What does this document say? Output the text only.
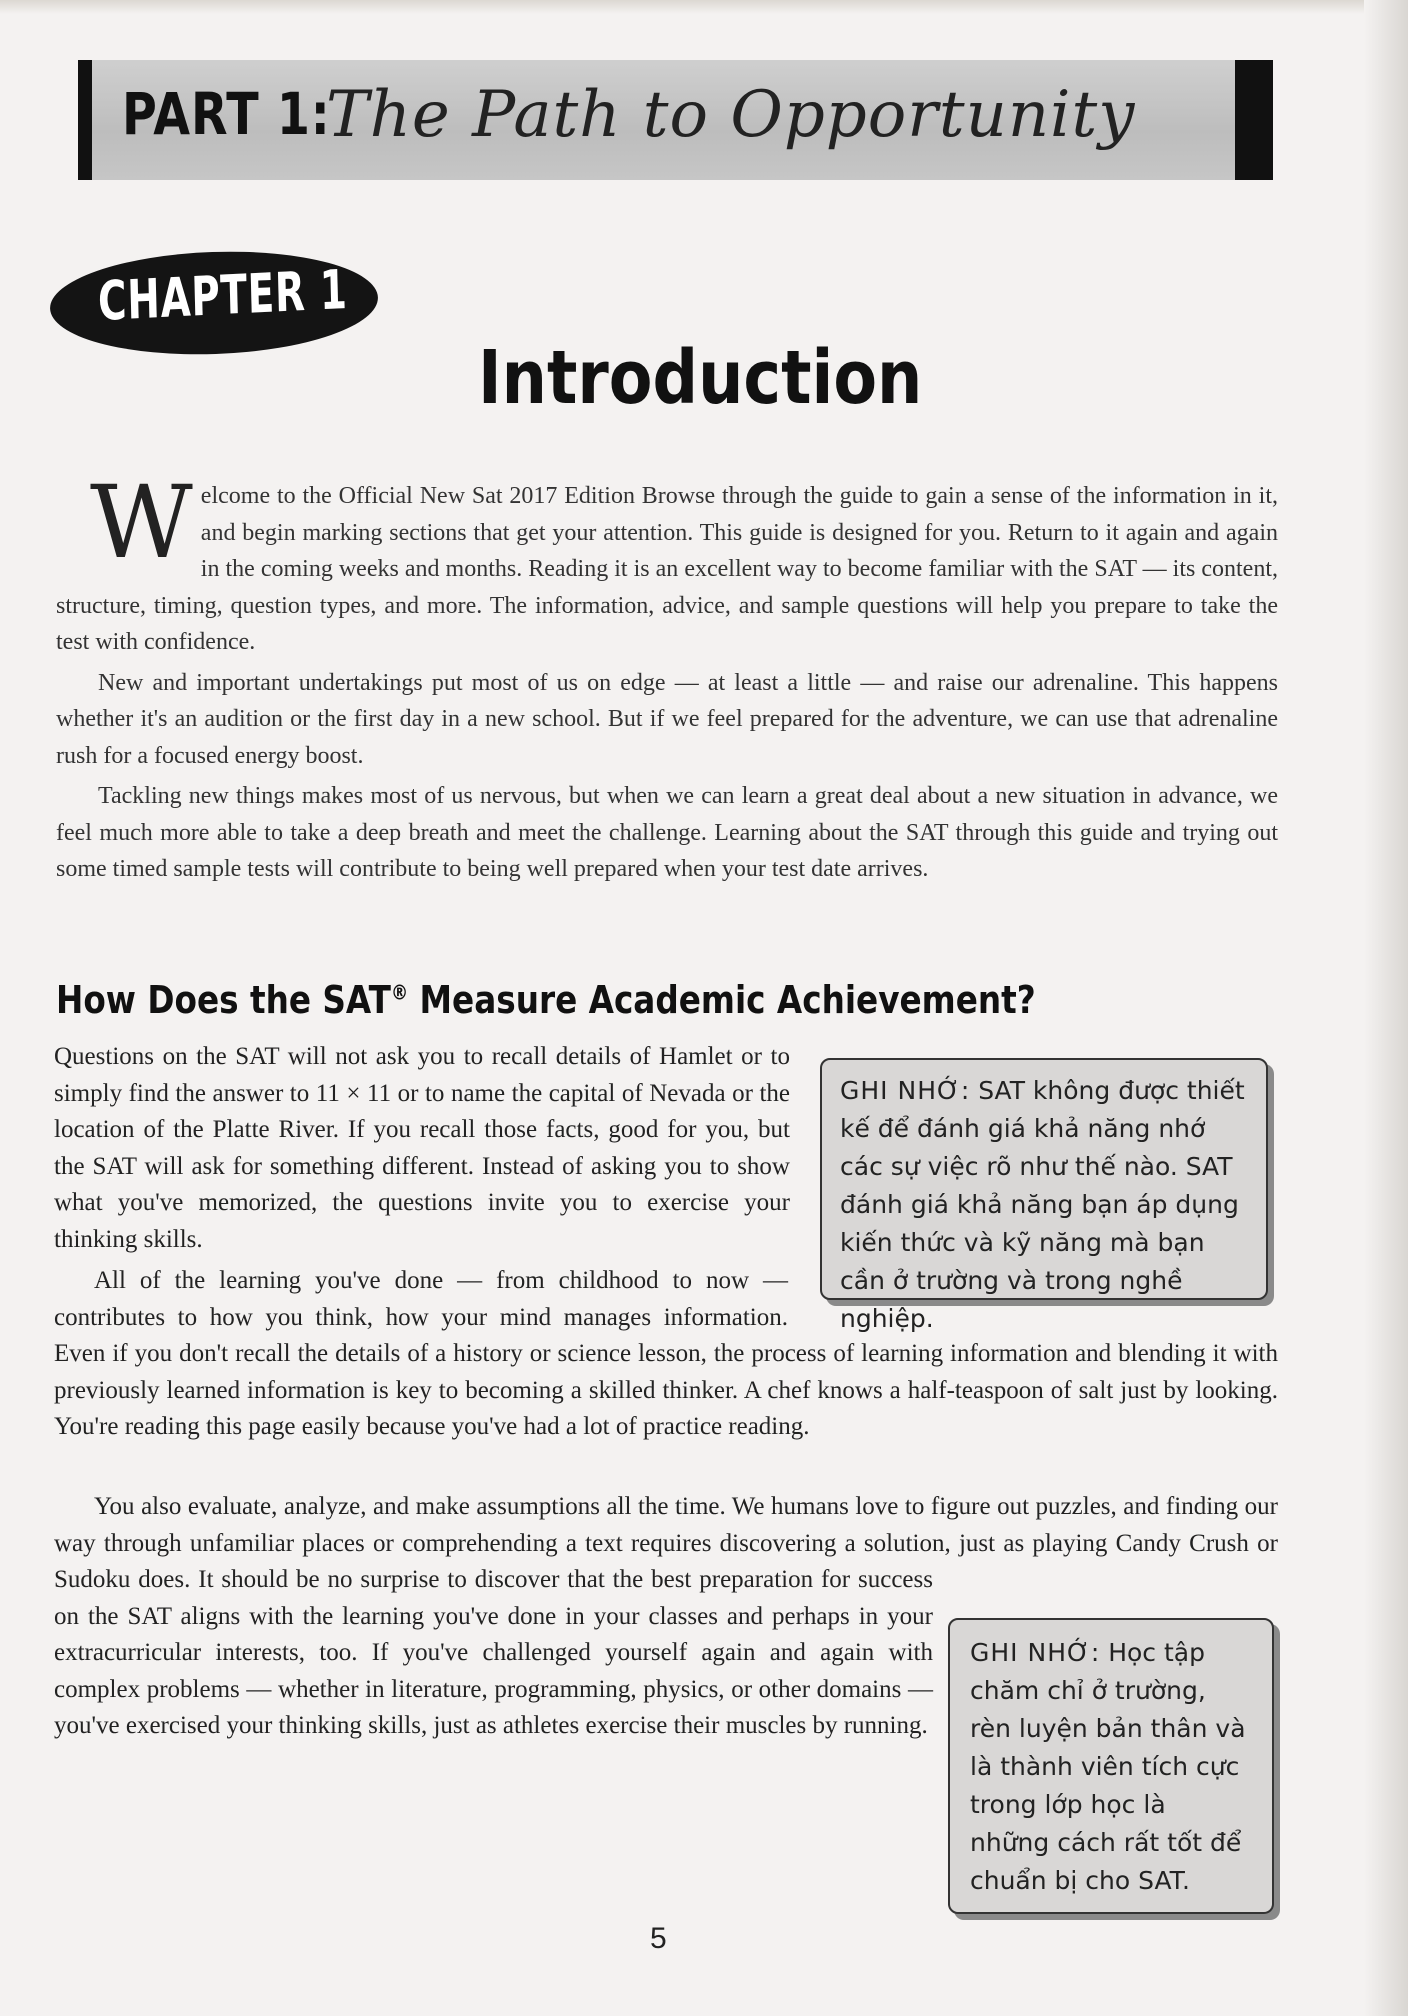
PART 1:
The Path to Opportunity
CHAPTER 1
Introduction

Welcome to the Official New Sat 2017 Edition Browse through the guide to gain a sense of the information in it, and begin marking sections that get your attention. This guide is designed for you. Return to it again and again in the coming weeks and months. Reading it is an excellent way to become familiar with the SAT — its content, structure, timing, question types, and more. The information, advice, and sample questions will help you prepare to take the test with confidence.

New and important undertakings put most of us on edge — at least a little — and raise our adrenaline. This happens whether it's an audition or the first day in a new school. But if we feel prepared for the adventure, we can use that adrenaline rush for a focused energy boost.

Tackling new things makes most of us nervous, but when we can learn a great deal about a new situation in advance, we feel much more able to take a deep breath and meet the challenge. Learning about the SAT through this guide and trying out some timed sample tests will contribute to being well prepared when your test date arrives.

How Does the SAT® Measure Academic Achievement?

Questions on the SAT will not ask you to recall details of Hamlet or to simply find the answer to 11 × 11 or to name the capital of Nevada or the location of the Platte River. If you recall those facts, good for you, but the SAT will ask for something different. Instead of asking you to show what you've memorized, the questions invite you to exercise your thinking skills.

GHI NHỚ: SAT không được thiết kế để đánh giá khả năng nhớ các sự việc rõ như thế nào. SAT đánh giá khả năng bạn áp dụng kiến thức và kỹ năng mà bạn cần ở trường và trong nghề nghiệp.

All of the learning you've done — from childhood to now — contributes to how you think, how your mind manages information. Even if you don't recall the details of a history or science lesson, the process of learning information and blending it with previously learned information is key to becoming a skilled thinker. A chef knows a half-teaspoon of salt just by looking. You're reading this page easily because you've had a lot of practice reading.

You also evaluate, analyze, and make assumptions all the time. We humans love to figure out puzzles, and finding our way through unfamiliar places or comprehending a text requires discovering a solution, just as playing Candy Crush or Sudoku does. It should be no surprise to discover that the best preparation for success on the SAT aligns with the learning you've done in your classes and perhaps in your extracurricular interests, too. If you've challenged yourself again and again with complex problems — whether in literature, programming, physics, or other domains — you've exercised your thinking skills, just as athletes exercise their muscles by running.

GHI NHỚ: Học tập chăm chỉ ở trường, rèn luyện bản thân và là thành viên tích cực trong lớp học là những cách rất tốt để chuẩn bị cho SAT.
5
